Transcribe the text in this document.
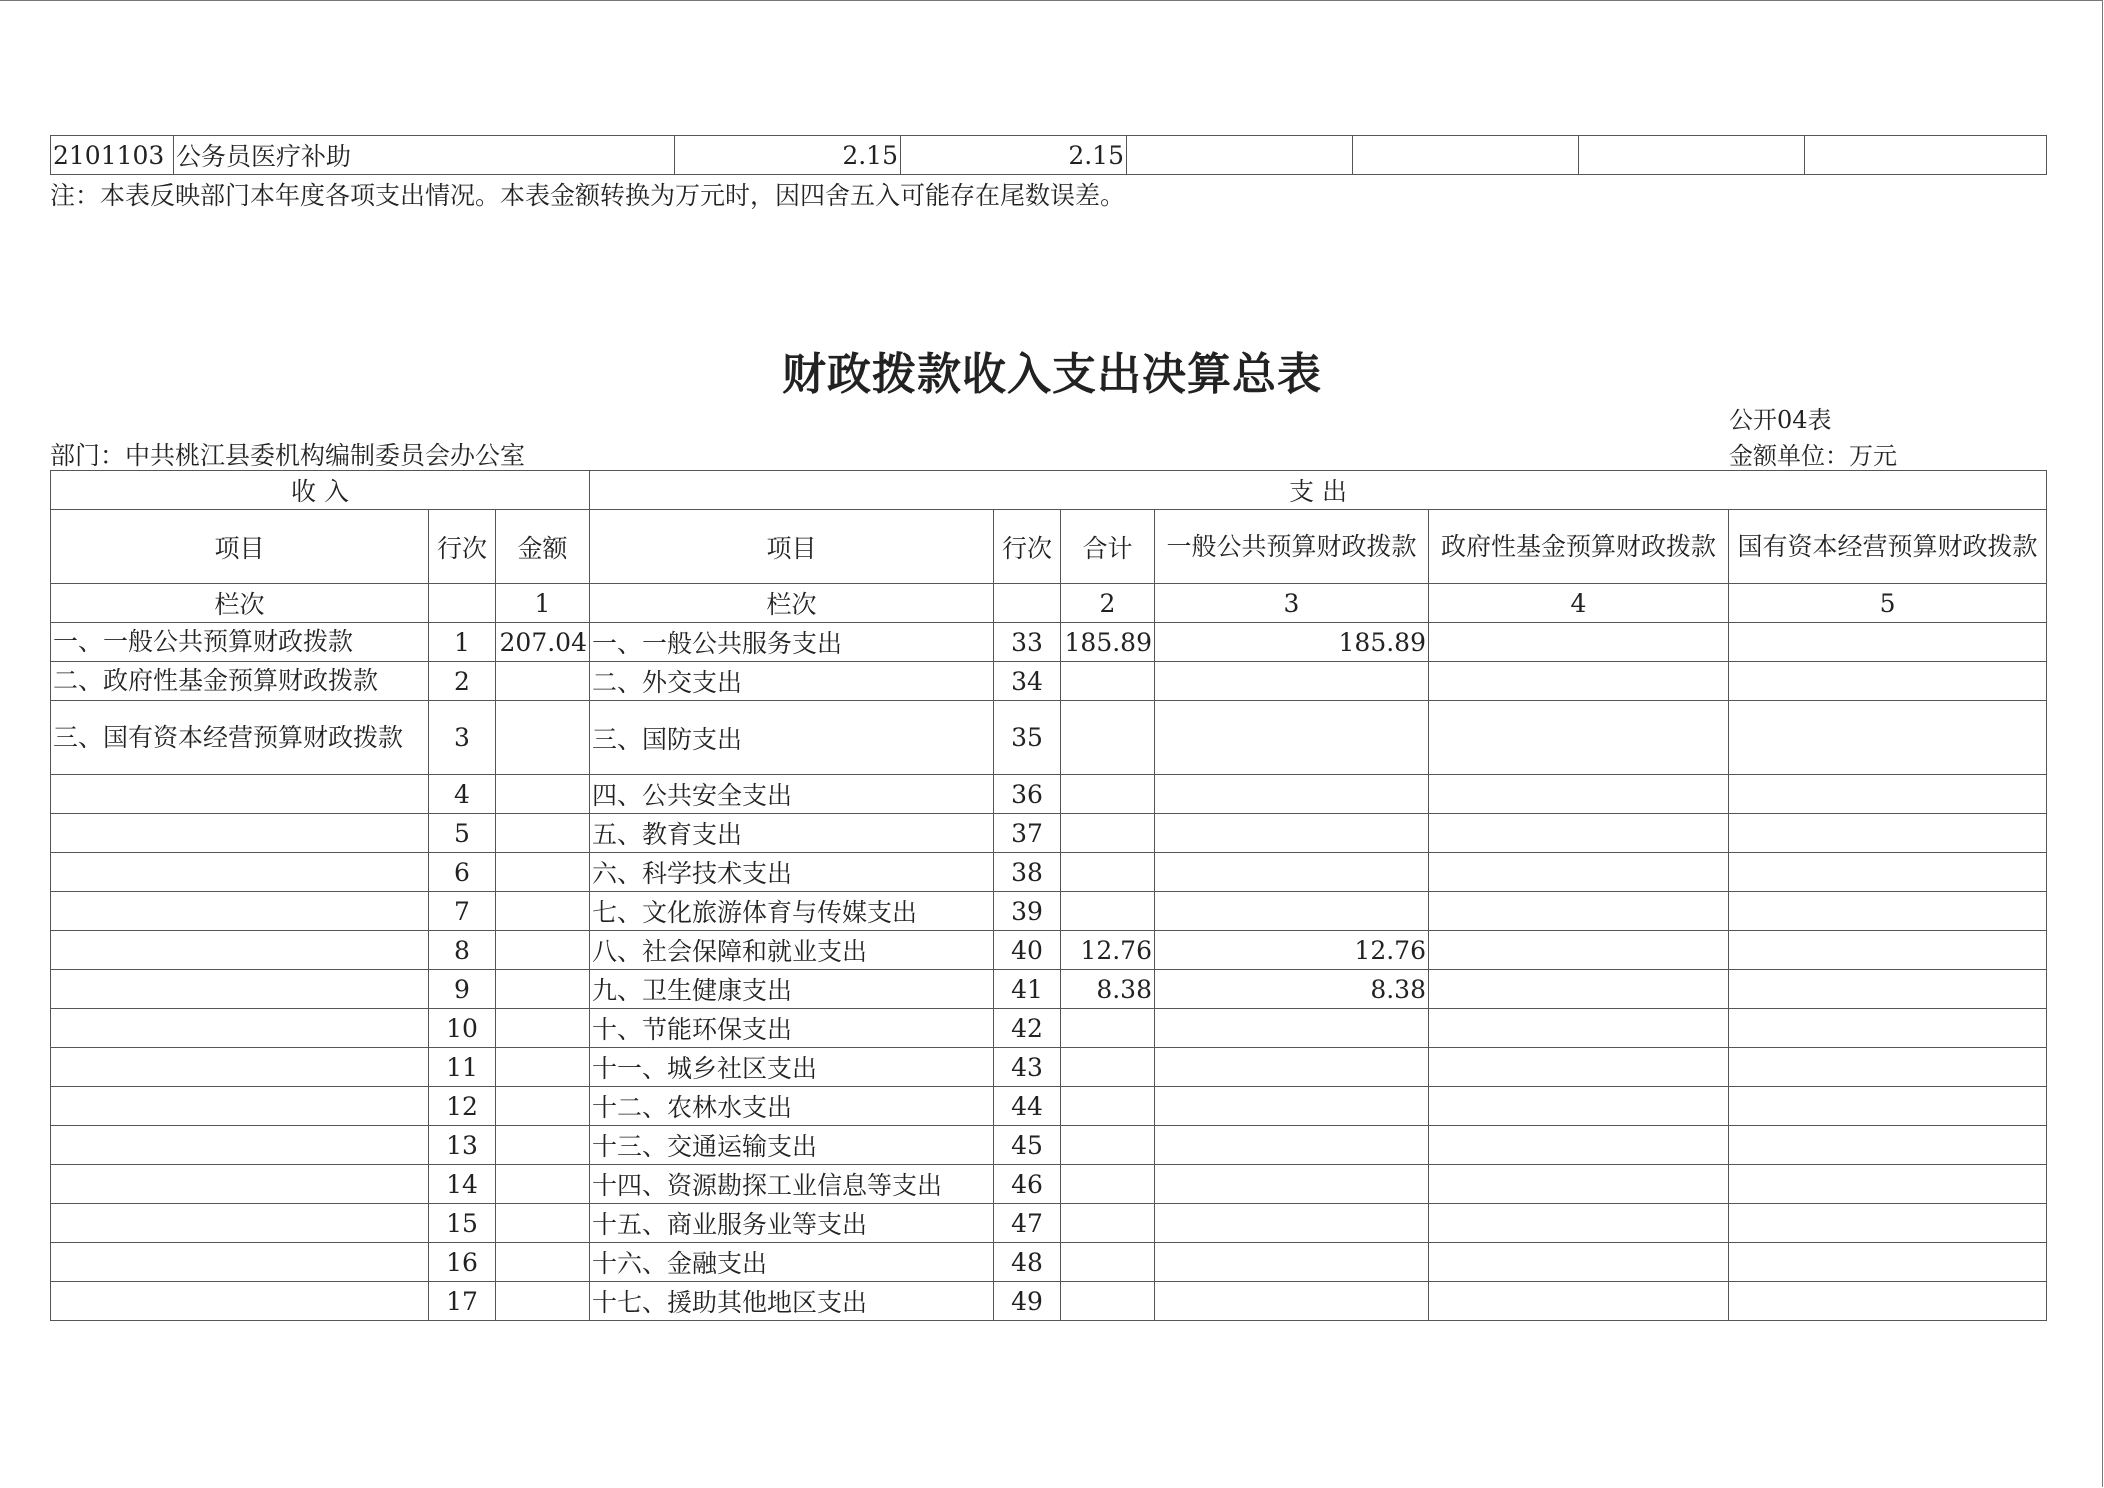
2101103	公务员医疗补助	2.15	2.15				
注：本表反映部门本年度各项支出情况。本表金额转换为万元时，因四舍五入可能存在尾数误差。
财政拨款收入支出决算总表
公开04表
部门：中共桃江县委机构编制委员会办公室	金额单位：万元
收 入			支 出					
项目	行次	金额	项目	行次	合计	一般公共预算财政拨款	政府性基金预算财政拨款	国有资本经营预算财政拨款
栏次		1	栏次		2	3	4	5
一、一般公共预算财政拨款	1	207.04	一、一般公共服务支出	33	185.89	185.89		
二、政府性基金预算财政拨款	2		二、外交支出	34				
三、国有资本经营预算财政拨款	3		三、国防支出	35				
	4		四、公共安全支出	36				
	5		五、教育支出	37				
	6		六、科学技术支出	38				
	7		七、文化旅游体育与传媒支出	39				
	8		八、社会保障和就业支出	40	12.76	12.76		
	9		九、卫生健康支出	41	8.38	8.38		
	10		十、节能环保支出	42				
	11		十一、城乡社区支出	43				
	12		十二、农林水支出	44				
	13		十三、交通运输支出	45				
	14		十四、资源勘探工业信息等支出	46				
	15		十五、商业服务业等支出	47				
	16		十六、金融支出	48				
	17		十七、援助其他地区支出	49				
